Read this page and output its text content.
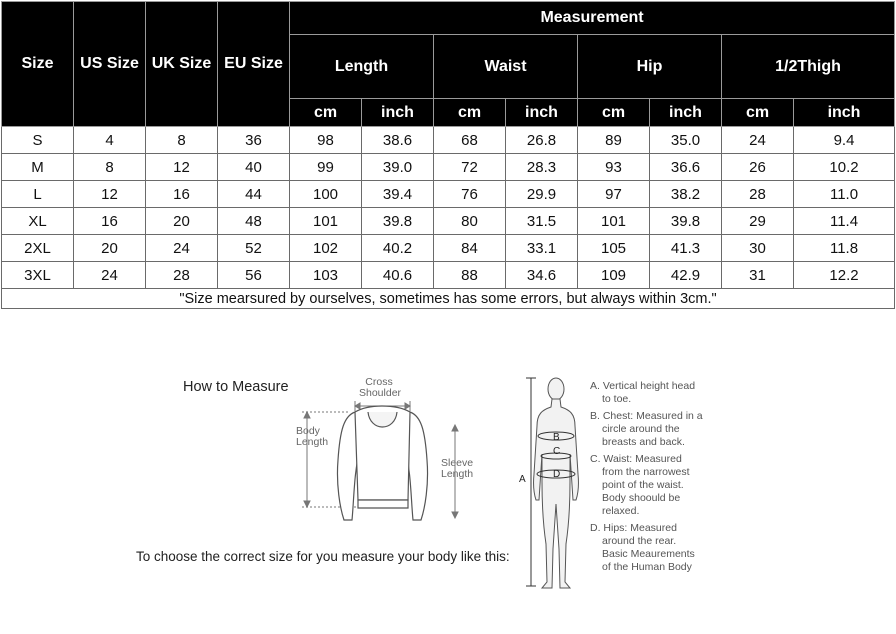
Size	US Size	UK Size	EU Size	Measurement							
				Length		Waist		Hip		1/2Thigh	
				cm	inch	cm	inch	cm	inch	cm	inch
S	4	8	36	98	38.6	68	26.8	89	35.0	24	9.4
M	8	12	40	99	39.0	72	28.3	93	36.6	26	10.2
L	12	16	44	100	39.4	76	29.9	97	38.2	28	11.0
XL	16	20	48	101	39.8	80	31.5	101	39.8	29	11.4
2XL	20	24	52	102	40.2	84	33.1	105	41.3	30	11.8
3XL	24	28	56	103	40.6	88	34.6	109	42.9	31	12.2
"Size mearsured by ourselves, sometimes has some errors, but always within 3cm."											
How to Measure	Cross
Shoulder
Body
Length
Sleeve
Length
To choose the correct size for you measure your body like this:
A
B
C
D
A. Vertical height head
to toe.
B. Chest: Measured in a
circle around the
breasts and back.
C. Waist: Measured
from the narrowest
point of the waist.
Body shoould be
relaxed.
D. Hips: Measured
around the rear.
Basic Meaurements
of the Human Body
